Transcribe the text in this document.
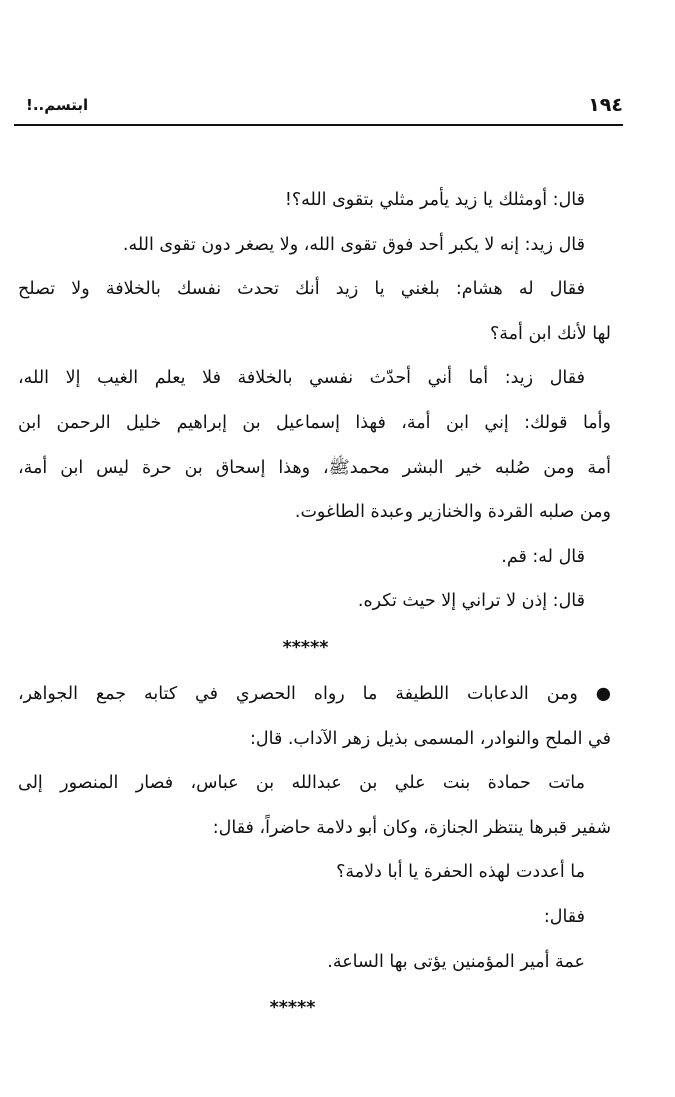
١٩٤
ابتسم..!
قال: أومثلك يا زيد يأمر مثلي بتقوى الله؟!
قال زيد: إنه لا يكبر أحد فوق تقوى الله، ولا يصغر دون تقوى الله.
فقال له هشام: بلغني يا زيد أنك تحدث نفسك بالخلافة ولا تصلح
لها لأنك ابن أمة؟
فقال زيد: أما أني أحدّث نفسي بالخلافة فلا يعلم الغيب إلا الله،
وأما قولك: إني ابن أمة، فهذا إسماعيل بن إبراهيم خليل الرحمن ابن
أمة ومن صُلبه خير البشر محمدﷺ، وهذا إسحاق بن حرة ليس ابن أمة،
ومن صلبه القردة والخنازير وعبدة الطاغوت.
قال له: قم.
قال: إذن لا تراني إلا حيث تكره.
*****
● ومن الدعابات اللطيفة ما رواه الحصري في كتابه جمع الجواهر،
في الملح والنوادر، المسمى بذيل زهر الآداب. قال:
ماتت حمادة بنت علي بن عبدالله بن عباس، فصار المنصور إلى
شفير قبرها ينتظر الجنازة، وكان أبو دلامة حاضراً، فقال:
ما أعددت لهذه الحفرة يا أبا دلامة؟
فقال:
عمة أمير المؤمنين يؤتى بها الساعة.
*****
